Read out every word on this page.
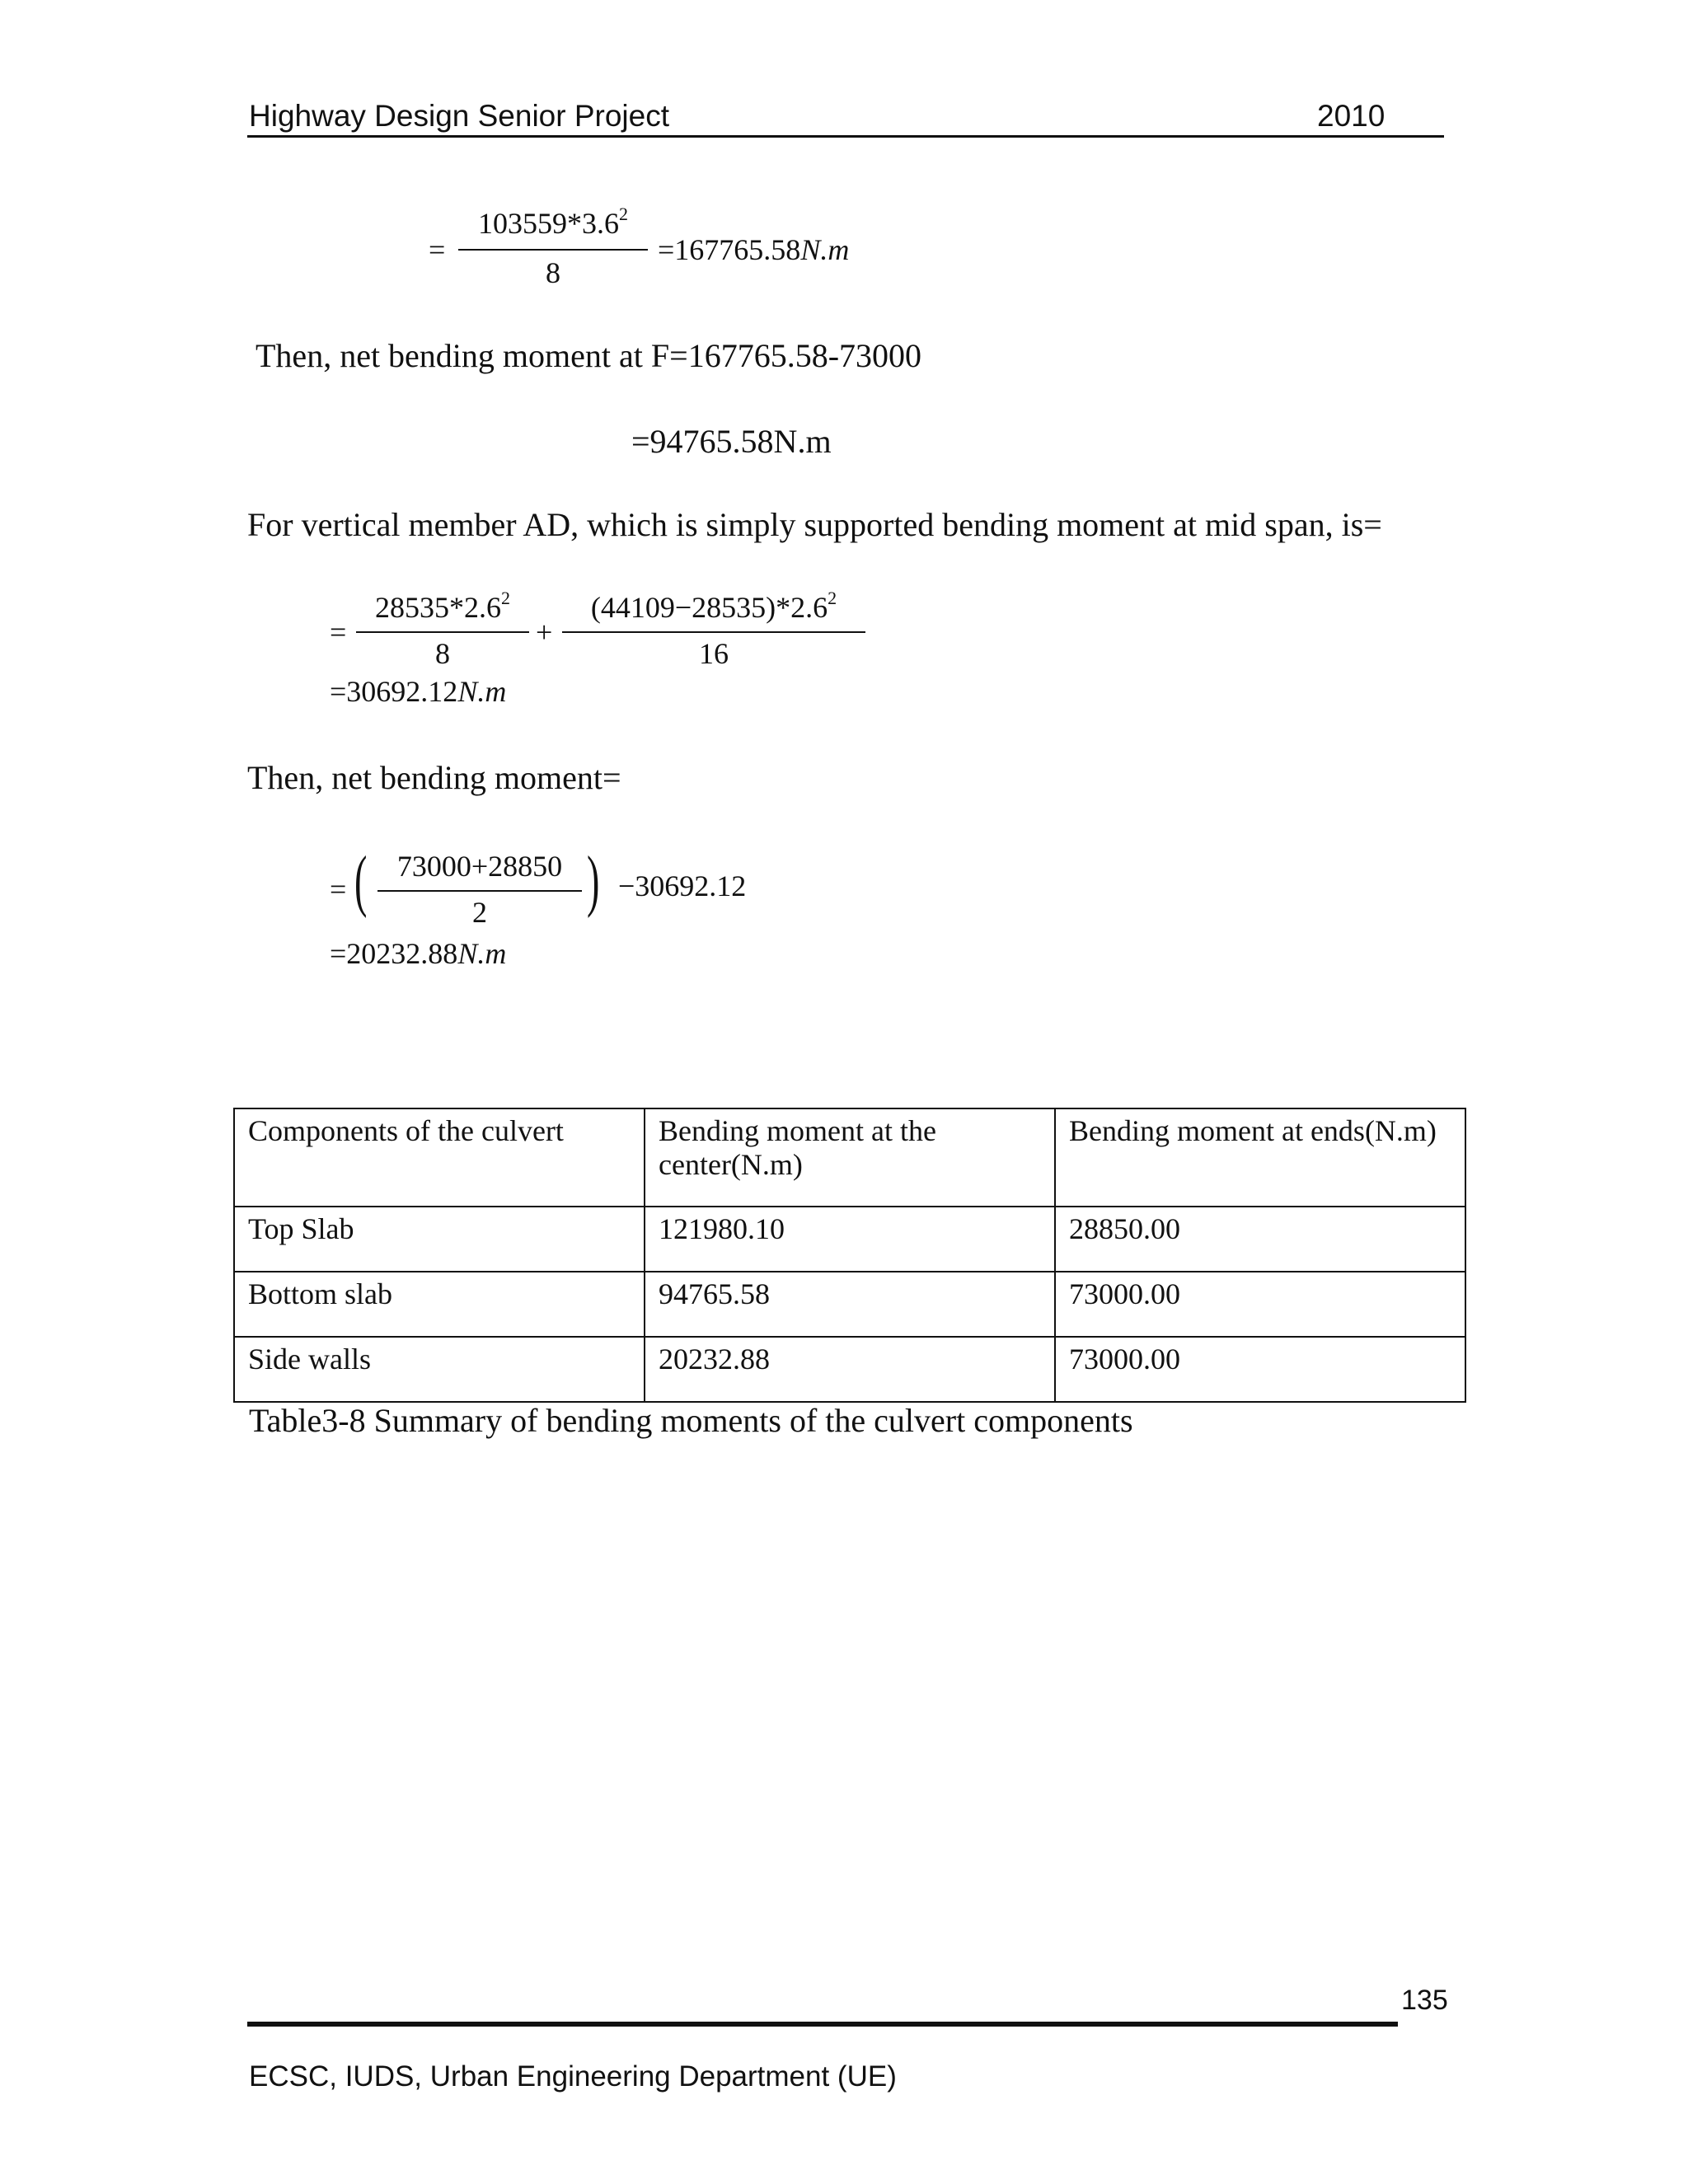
Highway Design Senior Project	2010
=
$103559*3.6^2$
8
=167765.58N.m
Then, net bending moment at F=167765.58-73000
=94765.58N.m
For vertical member AD, which is simply supported bending moment at mid span, is=
=
$28535*2.6^2$
8
+
$(44109-28535)*2.6^2$
16
=30692.12N.m
Then, net bending moment=
= (	73000+28850
2	) −30692.12
=20232.88N.m
Components of the culvert	Bending moment at the center(N.m)	Bending moment at ends(N.m)
Top Slab	121980.10	28850.00
Bottom slab	94765.58	73000.00
Side walls	20232.88	73000.00
Table3-8 Summary of bending moments of the culvert components
135
ECSC, IUDS, Urban Engineering Department (UE)
